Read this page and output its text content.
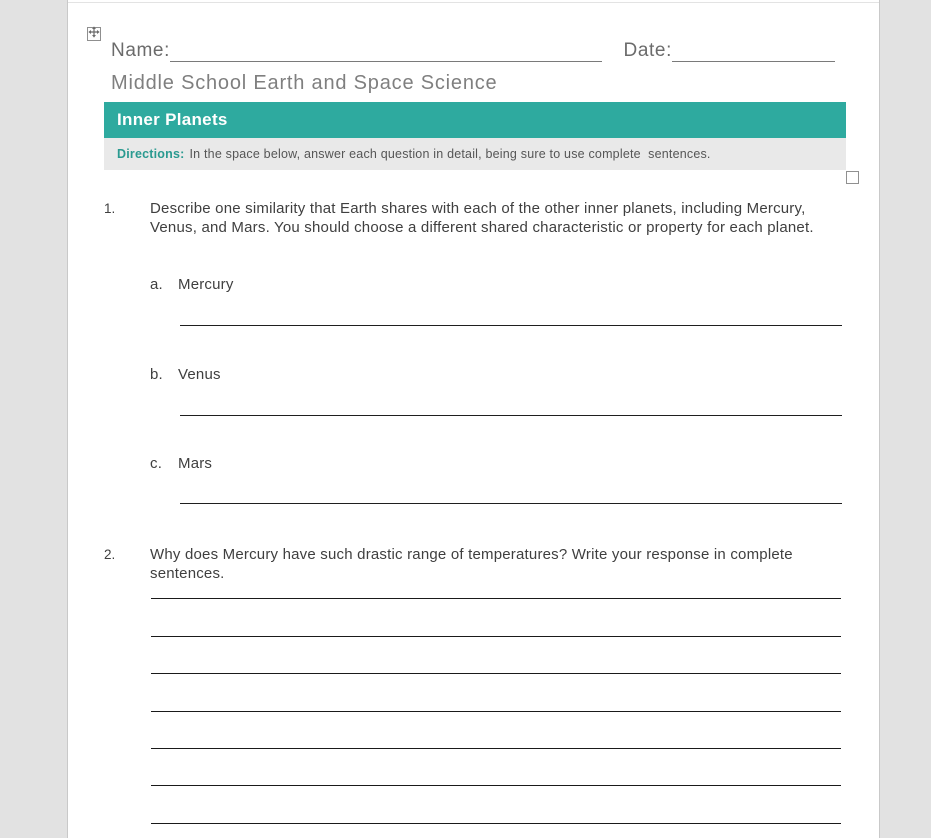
Name:	Date:
Middle School Earth and Space Science
Inner Planets
Directions: In the space below, answer each question in detail, being sure to use complete  sentences.
1.	Describe one similarity that Earth shares with each of the other inner planets, including Mercury, Venus, and Mars. You should choose a different shared characteristic or property for each planet.
a. Mercury
b. Venus
c. Mars
2.	Why does Mercury have such drastic range of temperatures? Write your response in complete sentences.
